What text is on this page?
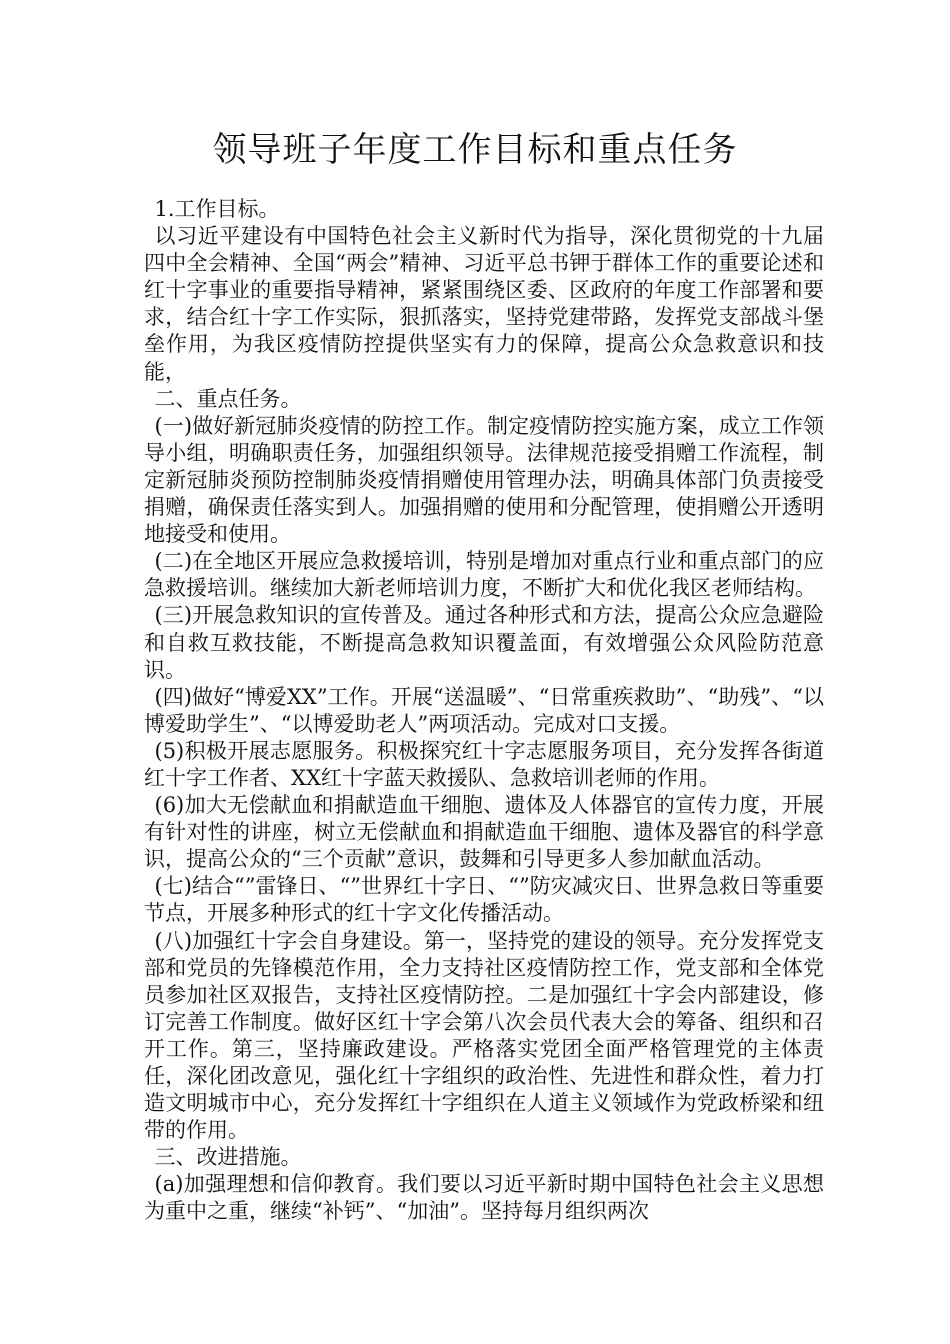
领导班子年度工作目标和重点任务

1.工作目标。

以习近平建设有中国特色社会主义新时代为指导，深化贯彻党的十九届四中全会精神、全国“两会”精神、习近平总书钾于群体工作的重要论述和红十字事业的重要指导精神，紧紧围绕区委、区政府的年度工作部署和要求，结合红十字工作实际，狠抓落实，坚持党建带路，发挥党支部战斗堡垒作用，为我区疫情防控提供坚实有力的保障，提高公众急救意识和技能，

二、重点任务。

(一)做好新冠肺炎疫情的防控工作。制定疫情防控实施方案，成立工作领导小组，明确职责任务，加强组织领导。法律规范接受捐赠工作流程，制定新冠肺炎预防控制肺炎疫情捐赠使用管理办法，明确具体部门负责接受捐赠，确保责任落实到人。加强捐赠的使用和分配管理，使捐赠公开透明地接受和使用。

(二)在全地区开展应急救援培训，特别是增加对重点行业和重点部门的应急救援培训。继续加大新老师培训力度，不断扩大和优化我区老师结构。

(三)开展急救知识的宣传普及。通过各种形式和方法，提高公众应急避险和自救互救技能，不断提高急救知识覆盖面，有效增强公众风险防范意识。

(四)做好“博爱XX”工作。开展“送温暖”、“日常重疾救助”、“助残”、“以博爱助学生”、“以博爱助老人”两项活动。完成对口支援。

(5)积极开展志愿服务。积极探究红十字志愿服务项目，充分发挥各街道红十字工作者、XX红十字蓝天救援队、急救培训老师的作用。

(6)加大无偿献血和捐献造血干细胞、遗体及人体器官的宣传力度，开展有针对性的讲座，树立无偿献血和捐献造血干细胞、遗体及器官的科学意识，提高公众的“三个贡献”意识，鼓舞和引导更多人参加献血活动。

(七)结合“”雷锋日、“”世界红十字日、“”防灾减灾日、世界急救日等重要节点，开展多种形式的红十字文化传播活动。

(八)加强红十字会自身建设。第一，坚持党的建设的领导。充分发挥党支部和党员的先锋模范作用，全力支持社区疫情防控工作，党支部和全体党员参加社区双报告，支持社区疫情防控。二是加强红十字会内部建设，修订完善工作制度。做好区红十字会第八次会员代表大会的筹备、组织和召开工作。第三，坚持廉政建设。严格落实党团全面严格管理党的主体责任，深化团改意见，强化红十字组织的政治性、先进性和群众性，着力打造文明城市中心，充分发挥红十字组织在人道主义领域作为党政桥梁和纽带的作用。

三、改进措施。

(a)加强理想和信仰教育。我们要以习近平新时期中国特色社会主义思想为重中之重，继续“补钙”、“加油”。坚持每月组织两次
